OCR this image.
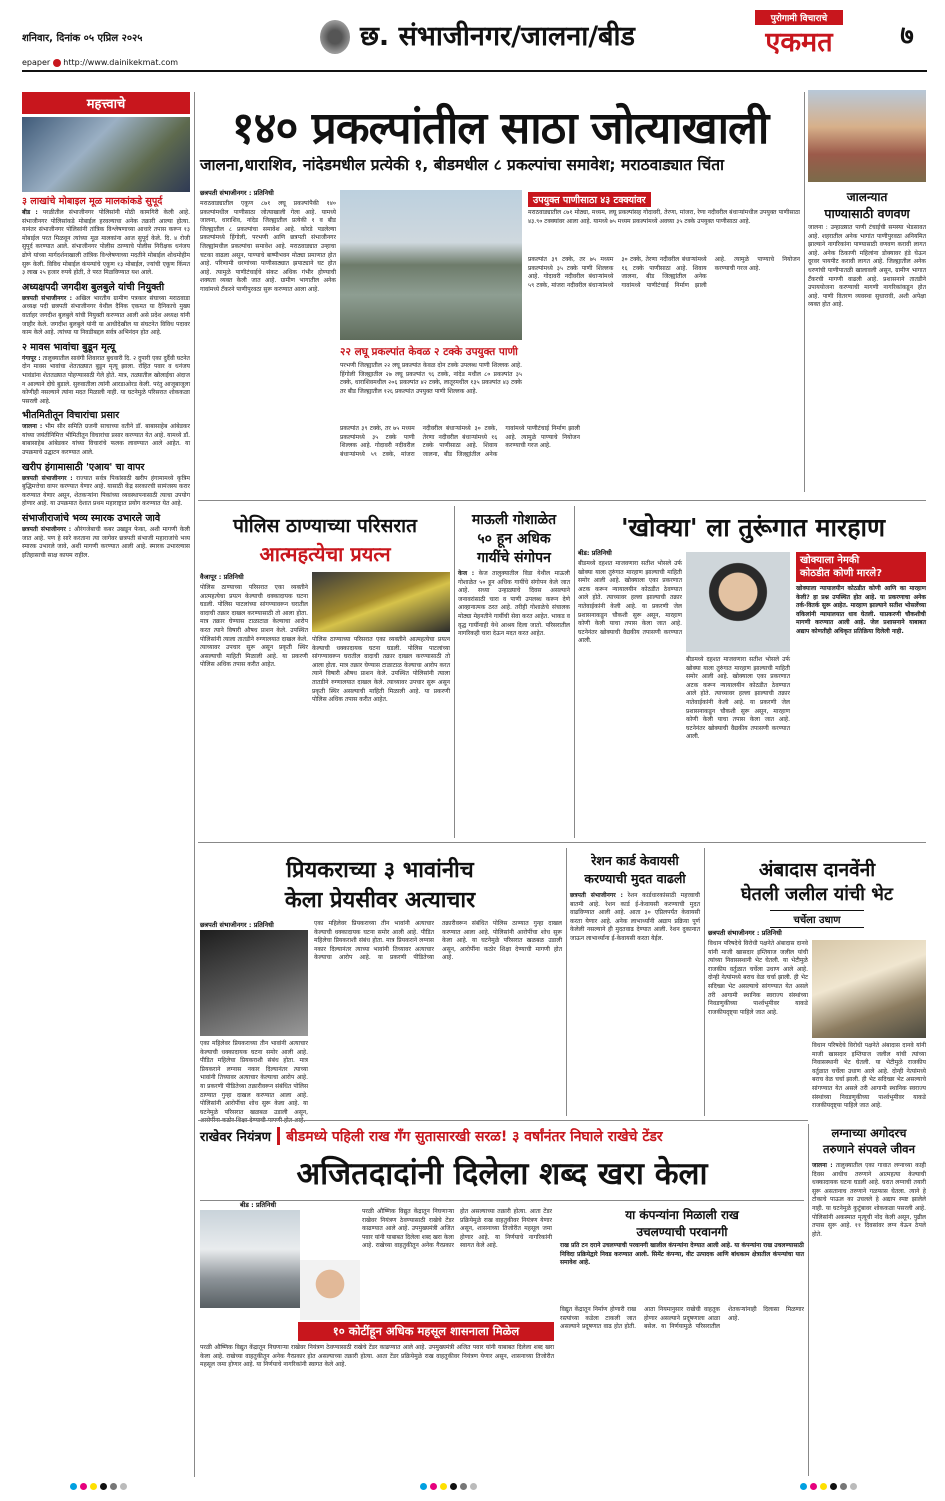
शनिवार, दिनांक ०५ एप्रिल २०२५
epaper http://www.dainikekmat.com
छ. संभाजीनगर/जालना/बीड
पुरोगामी विचाराचे
एकमत	७
महत्त्वाचे
३ लाखांचे मोबाइल मूळ मालकांकडे सुपूर्द
बीड : परळीतील संभाजीनगर पोलिसांनी मोठी कामगिरी केली आहे. संभाजीनगर पोलिसांकडे मोबाईल हरवल्याचा अनेक तक्रारी आल्या होत्या. यानंतर संभाजीनगर पोलिसांनी तांत्रिक विश्लेषणाच्या आधारे तपास करून १३ मोबाईल परत मिळवून त्यांच्या मूळ मालकांना आज सुपूर्द केले. दि. ४ रोजी सुपूर्द करण्यात आले. संभाजीनगर पोलीस ठाण्याचे पोलीस निरीक्षक धनंजय ढोणे यांच्या मार्गदर्शनाखाली तांत्रिक विश्लेषणाच्या मदतीने मोबाईल शोधमोहीम सुरू केली. विविध मोबाईल कंपन्यांचे एकूण १३ मोबाईल, ज्यांची एकूण किंमत ३ लाख २५ हजार रुपये होती, ते परत मिळविण्यात यश आले.
अध्यक्षपदी जगदीश बुलबुले यांची नियुक्ती
छत्रपती संभाजीनगर : अखिल भारतीय ग्रामीण पत्रकार संघाच्या मराठवाडा अध्यक्ष पदी छत्रपती संभाजीनगर येथील दैनिक एकमत या दैनिकाचे मुख्य वार्ताहर जगदीश बुलबुले यांची नियुक्ती करण्यात आली असे प्रदेश अध्यक्ष यांनी जाहीर केले. जगदीश बुलबुले यांनी या आधीदेखील या संघटनेत विविध पदावर काम केले आहे. त्यांच्या या निवडीबद्दल सर्वत्र अभिनंदन होत आहे.
२ मावस भावांचा बुडून मृत्यू
गंगापूर : तालुक्यातील सावंगी शिवारात बुधवारी दि. २ दुपारी एका दुर्दैवी घटनेत दोन मावस भावांचा शेततळ्यात बुडून मृत्यू झाला. रोहित पवार व धनंजय भावंडांना शेततळ्यात पोहण्यासाठी गेले होते. मात्र, तळ्यातील खोलाईचा अंदाज न आल्याने दोघे बुडाले. सुरुवातीला त्यांनी आरडाओरड केली. परंतु आजूबाजूला कोणीही नसल्याने त्यांना मदत मिळाली नाही. या घटनेमुळे परिसरात शोककळा पसरली आहे.
भीतमितीतून विचारांचा प्रसार
जालना : भीम सीर समिति ग्रजनी साचाच्या वतीने डॉ. बाबासाहेब आंबेडकर यांच्या जयंतीनिमित्त भीमितीतून विचारांचा प्रसार करण्यात येत आहे. यामध्ये डॉ. बाबासाहेब आंबेडकर यांच्या विचारांचे फलक लावण्यात आले आहेत. या उपक्रमाचे उद्घाटन करण्यात आले.
खरीप हंगामासाठी 'एआय' चा वापर
छत्रपती संभाजीनगर : राज्यात सर्वत्र पिकांसाठी खरीप हंगामामध्ये कृत्रिम बुद्धिमत्तेचा वापर करण्यात येणार आहे. यासाठी केंद्र सरकारची सामंजस्य करार करण्यात येणार असून, शेतकऱ्यांना पिकांच्या व्यवस्थापनासाठी त्याचा उपयोग होणार आहे. या उपक्रमात देशात प्रथम महाराष्ट्रात प्रयोग करण्यात येत आहे.
संभाजीराजांचे भव्य स्मारक उभारले जावे
छत्रपती संभाजीनगर : औरंगजेबाची कबर उखडून फेका, अशी मागणी केली जात आहे. पण हे सारे करताना त्या जागेवर छत्रपती संभाजी महाराजांचे भव्य स्मारक उभारले जावे, अशी मागणी करण्यात आली आहे. स्मारक उभारल्यास इतिहासाची साक्ष कायम राहील.
१४० प्रकल्पांतील साठा जोत्याखाली
जालना,धाराशिव, नांदेडमधील प्रत्येकी १, बीडमधील ८ प्रकल्पांचा समावेश; मराठवाड्यात चिंता
छत्रपती संभाजीनगर : प्रतिनिधी
मराठवाड्यातील एकूण ८७१ लघू प्रकल्पांपैकी १४० प्रकल्पांमधील पाणीसाठा जोत्याखाली गेला आहे. यामध्ये जालना, धाराशिव, नांदेड जिल्ह्यातील प्रत्येकी १ व बीड जिल्ह्यातील ८ प्रकल्पांचा समावेश आहे. कोरडे पडलेल्या प्रकल्पांमध्ये हिंगोली, परभणी आणि छत्रपती संभाजीनगर जिल्ह्यांमधील प्रकल्पांचा समावेश आहे. मराठवाड्यात उन्हाचा चटका वाढला असून, पाण्याचे बाष्पीभवन मोठ्या प्रमाणात होत आहे. परिणामी धरणांच्या पाणीसाठ्यात झपाट्याने घट होत आहे. त्यामुळे पाणीटंचाईचे संकट अधिक गंभीर होण्याची शक्यता व्यक्त केली जात आहे. ग्रामीण भागातील अनेक गावांमध्ये टँकरने पाणीपुरवठा सुरू करण्यात आला आहे.
२२ लघू प्रकल्पांत केवळ २ टक्के उपयुक्त पाणी
परभणी जिल्ह्यातील २२ लघू प्रकल्पांत केवळ दोन टक्के उपलब्ध पाणी शिल्लक आहे. हिंगोली जिल्ह्यातील २७ लघू प्रकल्पांत ९६ टक्के, नांदेड मधील ८० प्रकल्पांत ३५ टक्के, धाराशिवमधील २०६ प्रकल्पांत ४२ टक्के, लातूरमधील १३५ प्रकल्पांत ४३ टक्के तर बीड जिल्ह्यातील १२६ प्रकल्पांत उपयुक्त पाणी शिल्लक आहे.
प्रकल्पांत ३९ टक्के, तर ७५ मध्यम प्रकल्पांमध्ये ३५ टक्के पाणी शिल्लक आहे. गोदावरी नदीवरील बंधाऱ्यांमध्ये ५९ टक्के, मांजरा नदीवरील बंधाऱ्यांमध्ये ३० टक्के, तेरणा नदीवरील बंधाऱ्यांमध्ये १६ टक्के पाणीसाठा आहे. शिवाय जालना, बीड जिल्ह्यांतील अनेक गावांमध्ये पाणीटंचाई निर्माण झाली आहे. त्यामुळे पाण्याचे नियोजन करण्याची गरज आहे.
उपयुक्त पाणीसाठा ४३ टक्क्यांवर
मराठवाड्यातील ८७१ मोठ्या, मध्यम, लघू प्रकल्पांसह गोदावरी, तेरणा, मांजरा, रेणा नदीवरील बंधाऱ्यांमधील उपयुक्त पाणीसाठा ४३.९० टक्क्यांवर आला आहे. यामध्ये ७५ मध्यम प्रकल्पांमध्ये अवघ्या ३५ टक्के उपयुक्त पाणीसाठा आहे.
प्रकल्पांत ३९ टक्के, तर ७५ मध्यम प्रकल्पांमध्ये ३५ टक्के पाणी शिल्लक आहे. गोदावरी नदीवरील बंधाऱ्यांमध्ये ५९ टक्के, मांजरा नदीवरील बंधाऱ्यांमध्ये ३० टक्के, तेरणा नदीवरील बंधाऱ्यांमध्ये १६ टक्के पाणीसाठा आहे. शिवाय जालना, बीड जिल्ह्यांतील अनेक गावांमध्ये पाणीटंचाई निर्माण झाली आहे. त्यामुळे पाण्याचे नियोजन करण्याची गरज आहे.
जालन्यात
पाण्यासाठी वणवण
जालना : उन्हाळ्यात पाणी टंचाईची समस्या भेडसावत आहे. शहरातील अनेक भागांत पाणीपुरवठा अनियमित झाल्याने नागरिकांना पाण्यासाठी वणवण करावी लागत आहे. अनेक ठिकाणी महिलांना डोक्यावर हंडे घेऊन दूरवर पायपीट करावी लागत आहे. जिल्ह्यातील अनेक धरणांची पाणीपातळी खालावली असून, ग्रामीण भागात टँकरची मागणी वाढली आहे. प्रशासनाने तातडीने उपाययोजना करण्याची मागणी नागरिकांकडून होत आहे. पाणी वितरण व्यवस्था सुधारावी, अशी अपेक्षा व्यक्त होत आहे.
पोलिस ठाण्याच्या परिसरात
आत्महत्येचा प्रयत्न
वैजापूर : प्रतिनिधी
पोलिस ठाण्याच्या परिसरात एका व्यक्तीने आत्महत्येचा प्रयत्न केल्याची धक्कादायक घटना घडली. पोलिस पाटलांच्या सांगण्यावरून घरातील वादाची तक्रार दाखल करण्यासाठी तो आला होता. मात्र तक्रार घेण्यास टाळाटाळ केल्याचा आरोप करत त्याने विषारी औषध प्राशन केले. उपस्थित पोलिसांनी त्याला तातडीने रुग्णालयात दाखल केले. त्याच्यावर उपचार सुरू असून प्रकृती स्थिर असल्याची माहिती मिळाली आहे. या प्रकरणी पोलिस अधिक तपास करीत आहेत.
पोलिस ठाण्याच्या परिसरात एका व्यक्तीने आत्महत्येचा प्रयत्न केल्याची धक्कादायक घटना घडली. पोलिस पाटलांच्या सांगण्यावरून घरातील वादाची तक्रार दाखल करण्यासाठी तो आला होता. मात्र तक्रार घेण्यास टाळाटाळ केल्याचा आरोप करत त्याने विषारी औषध प्राशन केले. उपस्थित पोलिसांनी त्याला तातडीने रुग्णालयात दाखल केले. त्याच्यावर उपचार सुरू असून प्रकृती स्थिर असल्याची माहिती मिळाली आहे. या प्रकरणी पोलिस अधिक तपास करीत आहेत.
माऊली गोशाळेत
५० हून अधिक
गायींचे संगोपन
केज : केज तालुक्यातील विडा येथील माऊली गोशाळेत ५० हून अधिक गायींचे संगोपन केले जात आहे. सध्या उन्हाळ्याचे दिवस असल्याने जनावरांसाठी चारा व पाणी उपलब्ध करून देणे आव्हानात्मक ठरत आहे. तरीही गोशाळेचे संचालक मोठ्या मेहनतीने गायींची सेवा करत आहेत. भाकड व वृद्ध गायींनाही येथे आश्रय दिला जातो. परिसरातील नागरिकही चारा देऊन मदत करत आहेत.
'खोक्या' ला तुरूंगात मारहाण
बीड: प्रतिनिधी
बीडमध्ये दहशत माजवणारा सतीश भोसले उर्फ खोक्या याला तुरुंगात मारहाण झाल्याची माहिती समोर आली आहे. खोक्याला एका प्रकरणात अटक करून न्यायालयीन कोठडीत ठेवण्यात आले होते. त्याच्यावर हल्ला झाल्याची तक्रार नातेवाईकांनी केली आहे. या प्रकरणी जेल प्रशासनाकडून चौकशी सुरू असून, मारहाण कोणी केली याचा तपास केला जात आहे. घटनेनंतर खोक्याची वैद्यकीय तपासणी करण्यात आली.
बीडमध्ये दहशत माजवणारा सतीश भोसले उर्फ खोक्या याला तुरुंगात मारहाण झाल्याची माहिती समोर आली आहे. खोक्याला एका प्रकरणात अटक करून न्यायालयीन कोठडीत ठेवण्यात आले होते. त्याच्यावर हल्ला झाल्याची तक्रार नातेवाईकांनी केली आहे. या प्रकरणी जेल प्रशासनाकडून चौकशी सुरू असून, मारहाण कोणी केली याचा तपास केला जात आहे. घटनेनंतर खोक्याची वैद्यकीय तपासणी करण्यात आली.
खोक्याला नेमकी
कोठडीत कोणी मारले?
खोक्याला न्यायालयीन कोठडीत कोणी आणि का मारहाण केली? हा प्रश्न उपस्थित होत आहे. या प्रकरणाचा अनेक तर्क-वितर्क सुरू आहेत. मारहाण झाल्याने सतीश भोसलेंच्या वकिलांनी न्यायालयात धाव घेतली. याप्रकरणी चौकशीची मागणी करण्यात आली आहे. जेल प्रशासनाने याबाबत अद्याप कोणतीही अधिकृत प्रतिक्रिया दिलेली नाही.
प्रियकराच्या ३ भावांनीच
केला प्रेयसीवर अत्याचार
छत्रपती संभाजीनगर : प्रतिनिधी
एका महिलेवर प्रियकराच्या तीन भावांनी अत्याचार केल्याची धक्कादायक घटना समोर आली आहे. पीडित महिलेचा प्रियकराशी संबंध होता. मात्र प्रियकराने लग्नास नकार दिल्यानंतर त्याच्या भावांनी तिच्यावर अत्याचार केल्याचा आरोप आहे. या प्रकरणी पीडितेच्या तक्रारीवरून संबंधित पोलिस ठाण्यात गुन्हा दाखल करण्यात आला आहे. पोलिसांनी आरोपींचा शोध सुरू केला आहे. या घटनेमुळे परिसरात खळबळ उडाली असून,
एका महिलेवर प्रियकराच्या तीन भावांनी अत्याचार केल्याची धक्कादायक घटना समोर आली आहे. पीडित महिलेचा प्रियकराशी संबंध होता. मात्र प्रियकराने लग्नास नकार दिल्यानंतर त्याच्या भावांनी तिच्यावर अत्याचार केल्याचा आरोप आहे. या प्रकरणी पीडितेच्या तक्रारीवरून संबंधित पोलिस ठाण्यात गुन्हा दाखल करण्यात आला आहे. पोलिसांनी आरोपींचा शोध सुरू केला आहे. या घटनेमुळे परिसरात खळबळ उडाली असून, आरोपींना कठोर शिक्षा देण्याची मागणी होत आहे.
रेशन कार्ड केवायसी
करण्याची मुदत वाढली
छत्रपती संभाजीनगर : रेशन कार्डधारकांसाठी महत्त्वाची बातमी आहे. रेशन कार्ड ई-केवायसी करण्याची मुदत वाढविण्यात आली आहे. आता ३० एप्रिलपर्यंत केवायसी करता येणार आहे. अनेक लाभार्थ्यांनी अद्याप प्रक्रिया पूर्ण केलेली नसल्याने ही मुदतवाढ देण्यात आली. रेशन दुकानात जाऊन लाभार्थ्यांना ई-केवायसी करता येईल.
अंबादास दानवेंनी
घेतली जलील यांची भेट
चर्चेला उधाण
छत्रपती संभाजीनगर : प्रतिनिधी
विधान परिषदेचे विरोधी पक्षनेते अंबादास दानवे यांनी माजी खासदार इम्तियाज जलील यांची त्यांच्या निवासस्थानी भेट घेतली. या भेटीमुळे राजकीय वर्तुळात चर्चेला उधाण आले आहे. दोन्ही नेत्यांमध्ये बराच वेळ चर्चा झाली. ही भेट सदिच्छा भेट असल्याचे सांगण्यात येत असले तरी आगामी स्थानिक स्वराज्य संस्थांच्या निवडणुकीच्या पार्श्वभूमीवर याकडे राजकीयदृष्ट्या पाहिले जात आहे.
विधान परिषदेचे विरोधी पक्षनेते अंबादास दानवे यांनी माजी खासदार इम्तियाज जलील यांची त्यांच्या निवासस्थानी भेट घेतली. या भेटीमुळे राजकीय वर्तुळात चर्चेला उधाण आले आहे. दोन्ही नेत्यांमध्ये बराच वेळ चर्चा झाली. ही भेट सदिच्छा भेट असल्याचे सांगण्यात येत असले तरी आगामी स्थानिक स्वराज्य संस्थांच्या निवडणुकीच्या पार्श्वभूमीवर याकडे राजकीयदृष्ट्या पाहिले जात आहे.
राखेवर नियंत्रण	बीडमध्ये पहिली राख गँग सुतासारखी सरळ! ३ वर्षांनंतर निघाले राखेचे टेंडर
अजितदादांनी दिलेला शब्द खरा केला
बीड : प्रतिनिधी
परळी औष्णिक विद्युत केंद्रातून निघणाऱ्या राखेवर नियंत्रण ठेवण्यासाठी राखेचे टेंडर काढण्यात आले आहे. उपमुख्यमंत्री अजित पवार यांनी याबाबत दिलेला शब्द खरा केला आहे. राखेच्या वाहतुकीतून अनेक गैरप्रकार होत असल्याच्या तक्रारी होत्या. आता टेंडर प्रक्रियेमुळे राख वाहतुकीवर नियंत्रण येणार असून, शासनाच्या तिजोरीत महसूल जमा होणार आहे. या निर्णयाचे नागरिकांनी स्वागत केले आहे.
१० कोटींहून अधिक महसूल शासनाला मिळेल
परळी औष्णिक विद्युत केंद्रातून निघणाऱ्या राखेवर नियंत्रण ठेवण्यासाठी राखेचे टेंडर काढण्यात आले आहे. उपमुख्यमंत्री अजित पवार यांनी याबाबत दिलेला शब्द खरा केला आहे. राखेच्या वाहतुकीतून अनेक गैरप्रकार होत असल्याच्या तक्रारी होत्या. आता टेंडर प्रक्रियेमुळे राख वाहतुकीवर नियंत्रण येणार असून, शासनाच्या तिजोरीत महसूल जमा होणार आहे. या निर्णयाचे नागरिकांनी स्वागत केले आहे.
या कंपन्यांना मिळाली राख
उचलण्याची परवानगी
राख प्रति टन दराने उचलण्याची परवानगी खालील कंपन्यांना देण्यात आली आहे. या कंपन्यांना राख उचलण्यासाठी निविदा प्रक्रियेद्वारे निवड करण्यात आली. सिमेंट कंपन्या, वीट उत्पादक आणि बांधकाम क्षेत्रातील कंपन्यांचा यात समावेश आहे.
विद्युत केंद्रातून निर्माण होणारी राख रस्त्यांच्या कडेला टाकली जात असल्याने प्रदूषणात वाढ होत होती. आता नियमानुसार राखेची वाहतूक होणार असल्याने प्रदूषणाला आळा बसेल. या निर्णयामुळे परिसरातील शेतकऱ्यांनाही दिलासा मिळणार आहे.
लग्नाच्या अगोदरच
तरुणाने संपवले जीवन
जालना : तालुक्यातील एका गावात लग्नाच्या काही दिवस आधीच तरुणाने आत्महत्या केल्याची धक्कादायक घटना घडली आहे. घरात लग्नाची तयारी सुरू असतानाच तरुणाने गळफास घेतला. त्याने हे टोकाचे पाऊल का उचलले हे अद्याप स्पष्ट झालेले नाही. या घटनेमुळे कुटुंबावर शोककळा पसरली आहे. पोलिसांनी अकस्मात मृत्यूची नोंद केली असून, पुढील तपास सुरू आहे. ११ दिवसांवर लग्न येऊन ठेपले होते.
